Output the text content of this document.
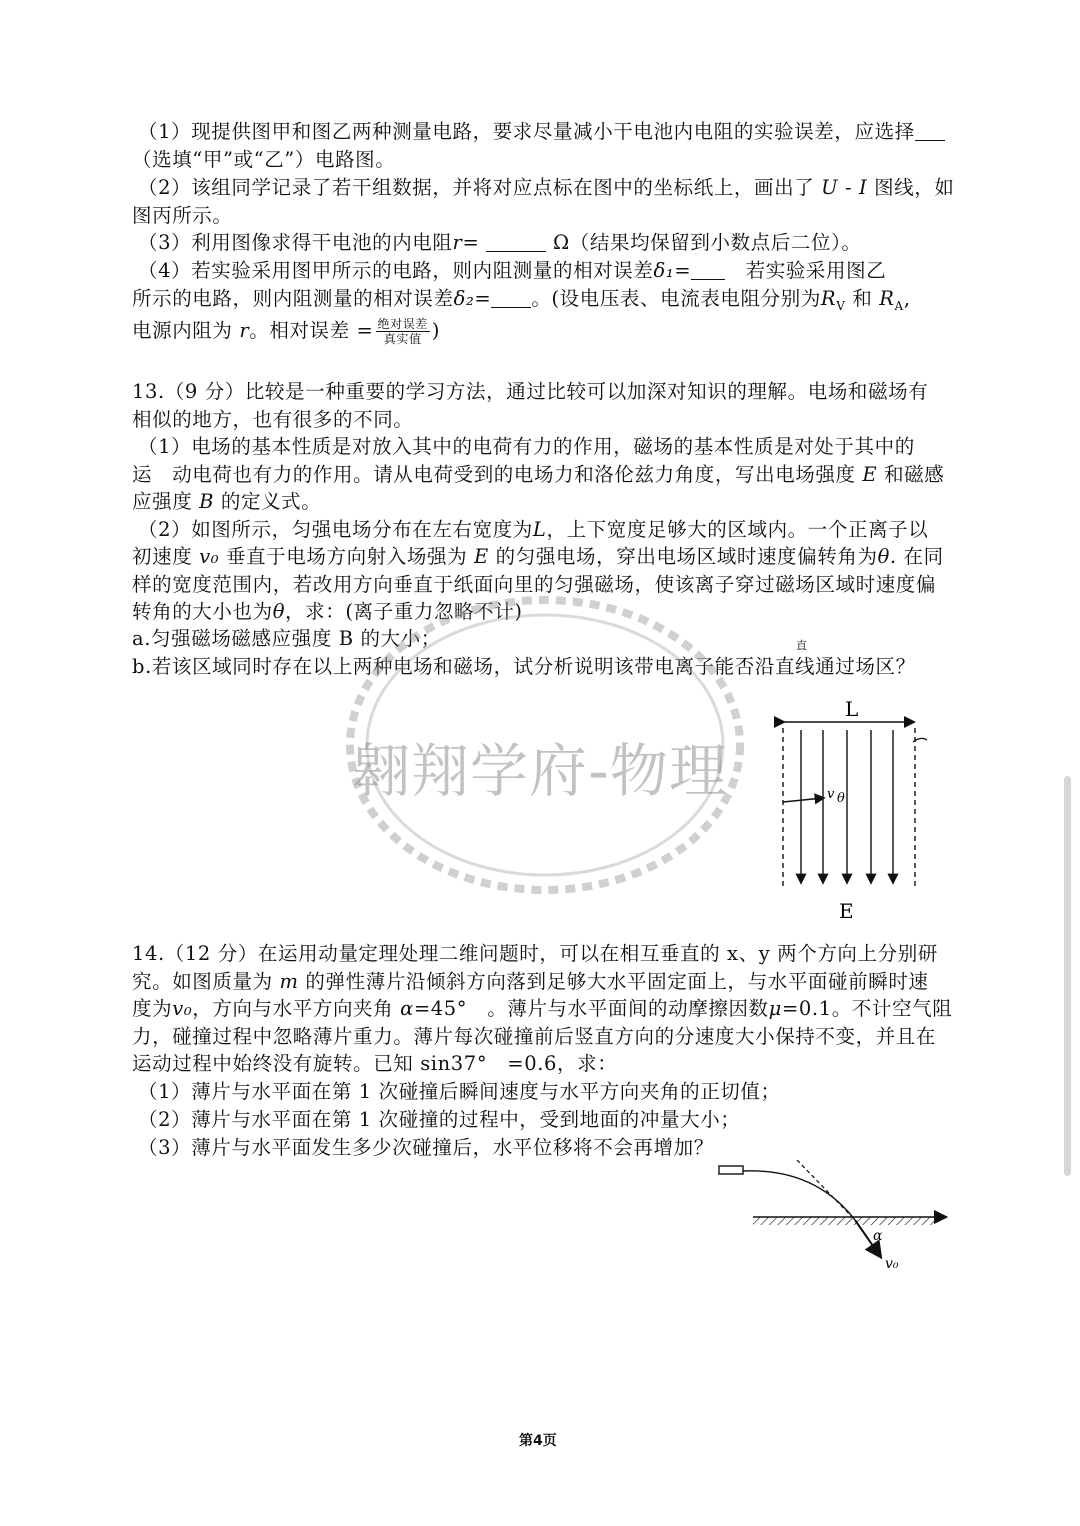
（1）现提供图甲和图乙两种测量电路，要求尽量减小干电池内电阻的实验误差，应选择
（选填“甲”或“乙”）电路图。
（2）该组同学记录了若干组数据，并将对应点标在图中的坐标纸上，画出了 U - I 图线，如
图丙所示。
（3）利用图像求得干电池的内电阻r=	Ω（结果均保留到小数点后二位）。
（4）若实验采用图甲所示的电路，则内阻测量的相对误差δ₁=	若实验采用图乙
所示的电路，则内阻测量的相对误差δ₂= 。(设电压表、电流表电阻分别为$R_V$ 和 $R_A$,
电源内阻为 r。相对误差 = $\frac{\text{绝对误差}}{\text{真实值}}$ )
13.（9 分）比较是一种重要的学习方法，通过比较可以加深对知识的理解。电场和磁场有
相似的地方，也有很多的不同。
（1）电场的基本性质是对放入其中的电荷有力的作用，磁场的基本性质是对处于其中的
运　动电荷也有力的作用。请从电荷受到的电场力和洛伦兹力角度，写出电场强度 E 和磁感
应强度 B 的定义式。
（2）如图所示，匀强电场分布在左右宽度为L，上下宽度足够大的区域内。一个正离子以
初速度 v₀ 垂直于电场方向射入场强为 E 的匀强电场，穿出电场区域时速度偏转角为θ. 在同
样的宽度范围内，若改用方向垂直于纸面向里的匀强磁场，使该离子穿过磁场区域时速度偏
转角的大小也为θ，求：(离子重力忽略不计)
a.匀强磁场磁感应强度 B 的大小；
b.若该区域同时存在以上两种电场和磁场，试分析说明该带电离子能否沿直线通过场区？
直
翱翔学府-物理
L
v θ
E
14.（12 分）在运用动量定理处理二维问题时，可以在相互垂直的 x、y 两个方向上分别研
究。如图质量为 m 的弹性薄片沿倾斜方向落到足够大水平固定面上，与水平面碰前瞬时速
度为v₀，方向与水平方向夹角 α=45°　。薄片与水平面间的动摩擦因数μ=0.1。不计空气阻
力，碰撞过程中忽略薄片重力。薄片每次碰撞前后竖直方向的分速度大小保持不变，并且在
运动过程中始终没有旋转。已知 sin37°　=0.6，求：
（1）薄片与水平面在第 1 次碰撞后瞬间速度与水平方向夹角的正切值；
（2）薄片与水平面在第 1 次碰撞的过程中，受到地面的冲量大小；
（3）薄片与水平面发生多少次碰撞后，水平位移将不会再增加？
α
v₀
第4页
